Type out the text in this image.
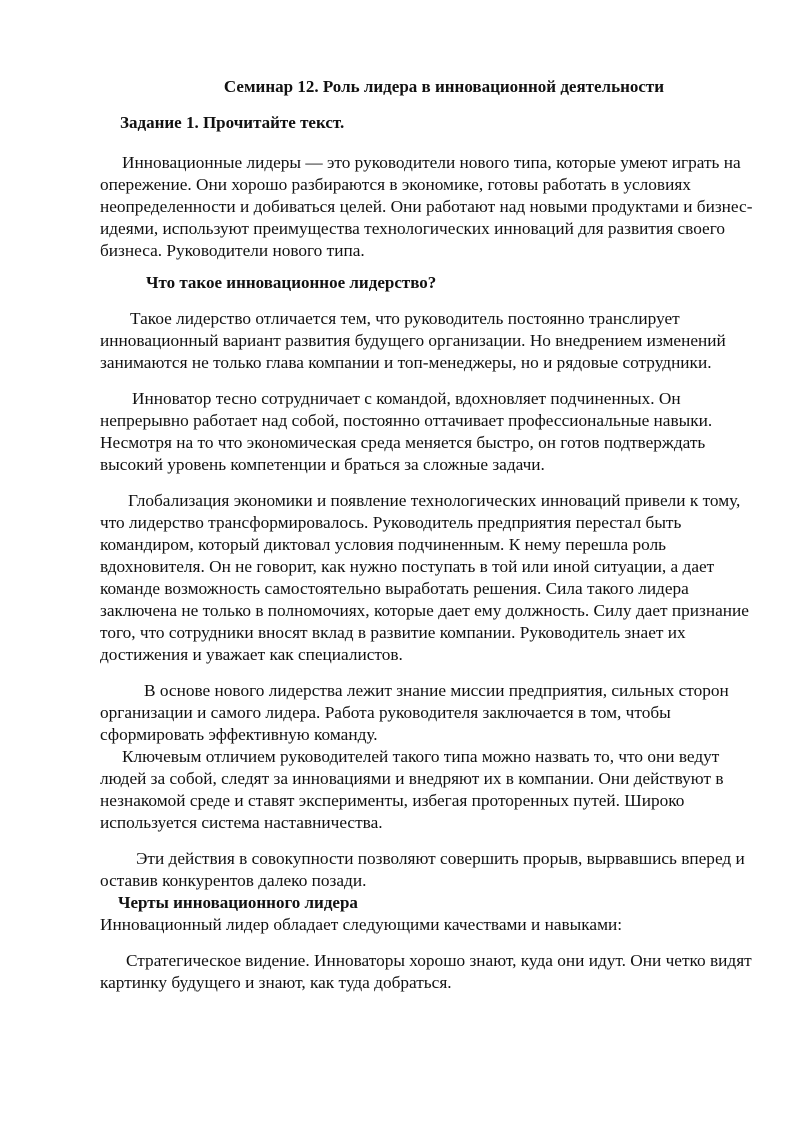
Семинар 12. Роль лидера в инновационной деятельности

Задание 1. Прочитайте текст.

Инновационные лидеры — это руководители нового типа, которые умеют играть на опережение. Они хорошо разбираются в экономике, готовы работать в условиях неопределенности и добиваться целей. Они работают над новыми продуктами и бизнес-идеями, используют преимущества технологических инноваций для развития своего бизнеса. Руководители нового типа.

Что такое инновационное лидерство?

Такое лидерство отличается тем, что руководитель постоянно транслирует инновационный вариант развития будущего организации. Но внедрением изменений занимаются не только глава компании и топ-менеджеры, но и рядовые сотрудники.

Инноватор тесно сотрудничает с командой, вдохновляет подчиненных. Он непрерывно работает над собой, постоянно оттачивает профессиональные навыки. Несмотря на то что экономическая среда меняется быстро, он готов подтверждать высокий уровень компетенции и браться за сложные задачи.

Глобализация экономики и появление технологических инноваций привели к тому, что лидерство трансформировалось. Руководитель предприятия перестал быть командиром, который диктовал условия подчиненным. К нему перешла роль вдохновителя. Он не говорит, как нужно поступать в той или иной ситуации, а дает команде возможность самостоятельно выработать решения. Сила такого лидера заключена не только в полномочиях, которые дает ему должность. Силу дает признание того, что сотрудники вносят вклад в развитие компании. Руководитель знает их достижения и уважает как специалистов.

В основе нового лидерства лежит знание миссии предприятия, сильных сторон организации и самого лидера. Работа руководителя заключается в том, чтобы сформировать эффективную команду.

Ключевым отличием руководителей такого типа можно назвать то, что они ведут людей за собой, следят за инновациями и внедряют их в компании. Они действуют в незнакомой среде и ставят эксперименты, избегая проторенных путей. Широко используется система наставничества.

Эти действия в совокупности позволяют совершить прорыв, вырвавшись вперед и оставив конкурентов далеко позади.

Черты инновационного лидера

Инновационный лидер обладает следующими качествами и навыками:

Стратегическое видение. Инноваторы хорошо знают, куда они идут. Они четко видят картинку будущего и знают, как туда добраться.
